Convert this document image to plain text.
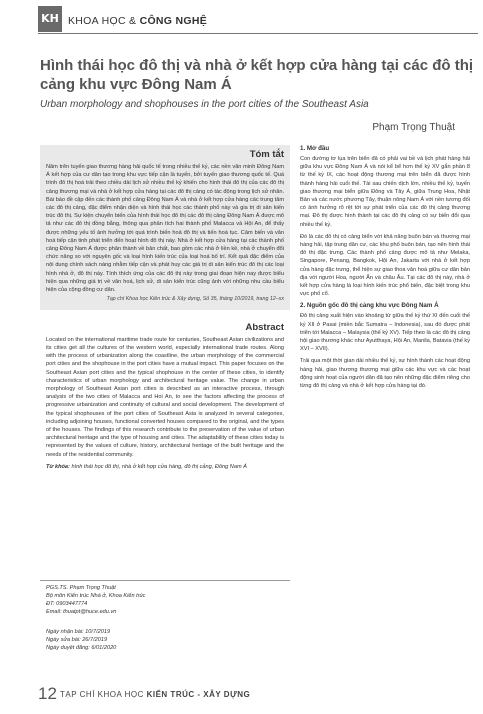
KH KHOA HỌC & CÔNG NGHỆ
Hình thái học đô thị và nhà ở kết hợp cửa hàng tại các đô thị cảng khu vực Đông Nam Á
Urban morphology and shophouses in the port cities of the Southeast Asia
Phạm Trọng Thuật
Tóm tắt

Năm trên tuyến giao thương hàng hải quốc tế trong nhiều thế kỷ, các nền văn minh Đông Nam Á kết hợp của cư dân tạo trong khu vực tiếp cận là tuyến, bởi tuyến giao thương quốc tế. Quá trình đô thị hoá trải theo chiều dài lịch sử nhiều thế kỷ khiến cho hình thái đô thị của các đô thị cảng thương mại và nhà ở kết hợp cửa hàng tại các đô thị cảng có tác động trong lịch sử nhân. Bài báo đề cập đến các thành phố cảng Đông Nam Á và nhà ở kết hợp cửa hàng các trung tâm các đô thị cảng, đặc điểm nhận diện và hình thái học các thành phố này và gia trị di sản kiến trúc đô thị. Sự kiện chuyển biến của hình thái học đô thị các đô thị cảng Đông Nam Á được mô tả như các đô thị đồng bằng, thông qua phân tích hai thành phố Malacca và Hội An, để thấy được những yếu tố ảnh hưởng tới quá trình biến hoá đô thị và tiến hoá tục. Cảm biến và văn hoá tiếp cận tinh phát triển đến hoạt hình đô thị này. Nhà ở kết hợp cửa hàng tại các thành phố cảng Đông Nam Á được phân thành về bản chất, bao gồm các nhà ở liền kề, nhà ở chuyển đổi chức năng so với nguyên gốc và loại hình kiến trúc của loại hoá bố trí. Kết quả đặc điểm của nội dung chính sách nàng nhằm tiếp cận và phát huy các giá trị di sản kiến trúc đô thị các loại hình nhà ở, đô thị này. Tính thích ứng của các đô thị này trong giai đoạn hiện nay được biểu hiện qua những giá trị về văn hoá, lịch sử, di sản kiến trúc cũng ảnh với những nhu cầu biểu hiện của cộng đồng cư dân.

Tạp chí Khoa học Kiến trúc & Xây dựng, Số 35, tháng 10/2019, trang 12–xx
Abstract

Located on the international maritime trade route for centuries, Southeast Asian civilizations and its cities get all the cultures of the western world, especially international trade routes. Along with the process of urbanization along the coastline, the urban morphology of the commercial port cities and the shophouse in the port cities have a mutual impact. This paper focuses on the Southeast Asian port cities and the typical shophouse in the center of these cities, to identify characteristics of urban morphology and architectural heritage value. The change in urban morphology of Southeast Asian port cities is described as an interactive process, through analysis of the two cities of Malacca and Hoi An, to see the factors affecting the process of progressive urbanization and continuity of cultural and social development. The development of the typical shophouses of the port cities of Southeast Asia is analyzed in several categories, including adjoining houses, functional converted houses compared to the original, and the types of the houses. The findings of this research contribute to the preservation of the value of urban architectural heritage and the type of housing and cities. The adaptability of these cities today is represented by the values of culture, history, architectural heritage of the built heritage and the needs of the residential community.

Từ khóa: hình thái học đô thị, nhà ở kết hợp cửa hàng, đô thị cảng, Đông Nam Á
PGS.TS. Phạm Trọng Thuật
Bộ môn Kiến trúc Nhà ở, Khoa Kiến trúc
ĐT: 0903447774
Email: thuatpt@huce.edu.vn
Ngày nhận bài: 10/7/2019
Ngày sửa bài: 26/7/2019
Ngày duyệt đăng: 6/01/2020
1. Mở đầu

Con đường tơ lụa trên biển đã có phải vai bề và lịch phát hàng hải giữa khu vực Đông Nam Á và nói kể bể hơn thế kỷ XV gắn phần 8 từ thế kỷ IX, các hoạt động thương mại trên biển đã được hình thành hàng hải cuối thế. Tài sau chiến dịch lớn, nhiều thế kỷ, tuyến giao thương mại biển giữa Đông và Tây Á, giữa Trung Hoa, Nhật Bản và các nước phương Tây, thuận nông Nam Á với nền tương đối có ảnh hưởng rõ rệt tới sự phát triển của các đô thị cảng thương mại. Đô thị được hình thành tại các đô thị cảng có sự biến đổi qua nhiều thế kỷ.

Đó là các đô thị có cảng biển với khả năng buôn bán và thương mại hàng hải, tập trung dân cư, các khu phố buôn bán, tạo nên hình thái đô thị đặc trưng. Các thành phố cảng được mô tả như Melaka, Singapore, Penang, Bangkok, Hội An, Jakarta với nhà ở kết hợp cửa hàng đặc trưng, thể hiện sự giao thoa văn hoá giữa cư dân bản địa với người Hoa, người Ấn và châu Âu. Tại các đô thị này, nhà ở kết hợp cửa hàng là loại hình kiến trúc phổ biến, đặc biệt trong khu vực phố cổ.

2. Nguồn gốc đô thị cảng khu vực Đông Nam Á

Đô thị cảng xuất hiện vào khoảng từ giữa thế kỷ thứ XI đến cuối thế kỷ XII ở Pasai (miền bắc Sumatra – Indonesia), sau đó được phát triển tới Malacca – Malaysia (thế kỷ XV). Tiếp theo là các đô thị cảng hội giao thương khác như Ayutthaya, Hội An, Manila, Batavia (thế kỷ XVI – XVII).

Trải qua một thời gian dài nhiều thế kỷ, sự hình thành các hoạt động hàng hải, giao thương thương mại giữa các khu vực và các hoạt động sinh hoạt của người dân đã tạo nên những đặc điểm riêng cho từng đô thị cảng và nhà ở kết hợp cửa hàng tại đó.

12 TẠP CHÍ KHOA HỌC KIẾN TRÚC - XÂY DỰNG
